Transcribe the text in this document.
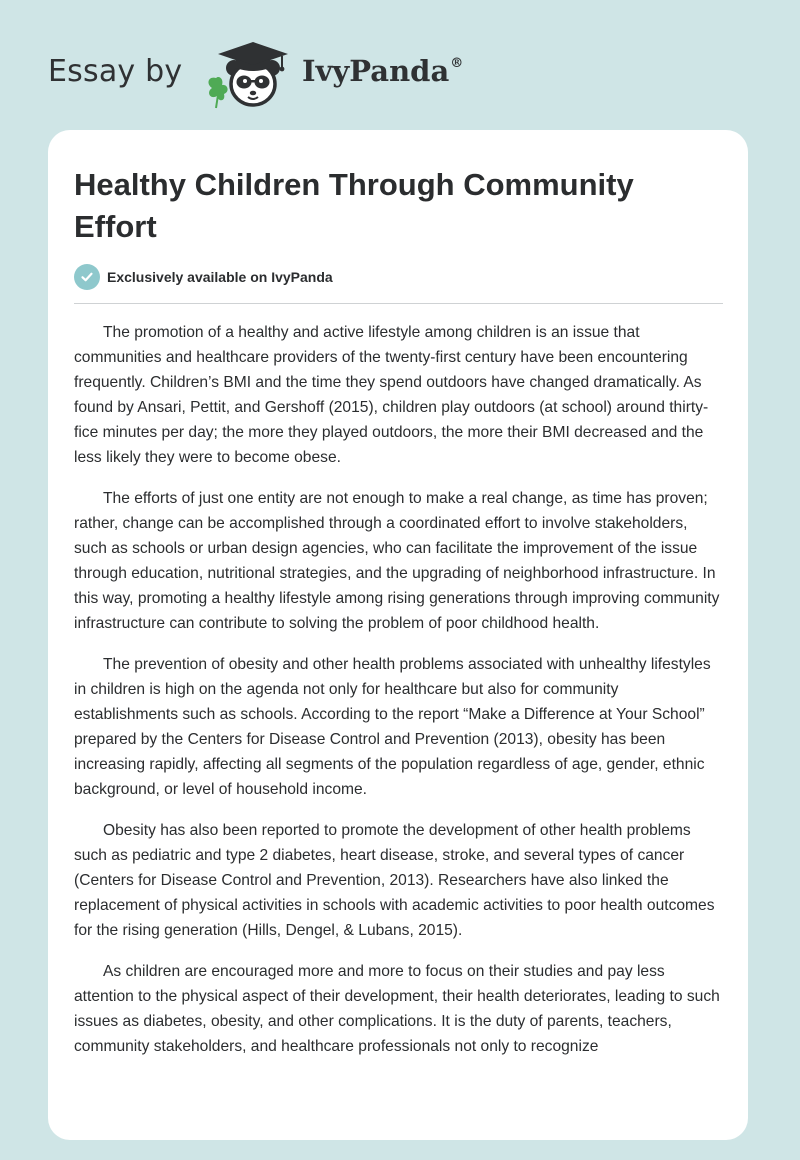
Essay by	IvyPanda®
Healthy Children Through Community Effort
Exclusively available on IvyPanda

The promotion of a healthy and active lifestyle among children is an issue that communities and healthcare providers of the twenty-first century have been encountering frequently. Children’s BMI and the time they spend outdoors have changed dramatically. As found by Ansari, Pettit, and Gershoff (2015), children play outdoors (at school) around thirty-fice minutes per day; the more they played outdoors, the more their BMI decreased and the less likely they were to become obese.

The efforts of just one entity are not enough to make a real change, as time has proven; rather, change can be accomplished through a coordinated effort to involve stakeholders, such as schools or urban design agencies, who can facilitate the improvement of the issue through education, nutritional strategies, and the upgrading of neighborhood infrastructure. In this way, promoting a healthy lifestyle among rising generations through improving community infrastructure can contribute to solving the problem of poor childhood health.

The prevention of obesity and other health problems associated with unhealthy lifestyles in children is high on the agenda not only for healthcare but also for community establishments such as schools. According to the report “Make a Difference at Your School” prepared by the Centers for Disease Control and Prevention (2013), obesity has been increasing rapidly, affecting all segments of the population regardless of age, gender, ethnic background, or level of household income.

Obesity has also been reported to promote the development of other health problems such as pediatric and type 2 diabetes, heart disease, stroke, and several types of cancer (Centers for Disease Control and Prevention, 2013). Researchers have also linked the replacement of physical activities in schools with academic activities to poor health outcomes for the rising generation (Hills, Dengel, & Lubans, 2015).

As children are encouraged more and more to focus on their studies and pay less attention to the physical aspect of their development, their health deteriorates, leading to such issues as diabetes, obesity, and other complications. It is the duty of parents, teachers, community stakeholders, and healthcare professionals not only to recognize
